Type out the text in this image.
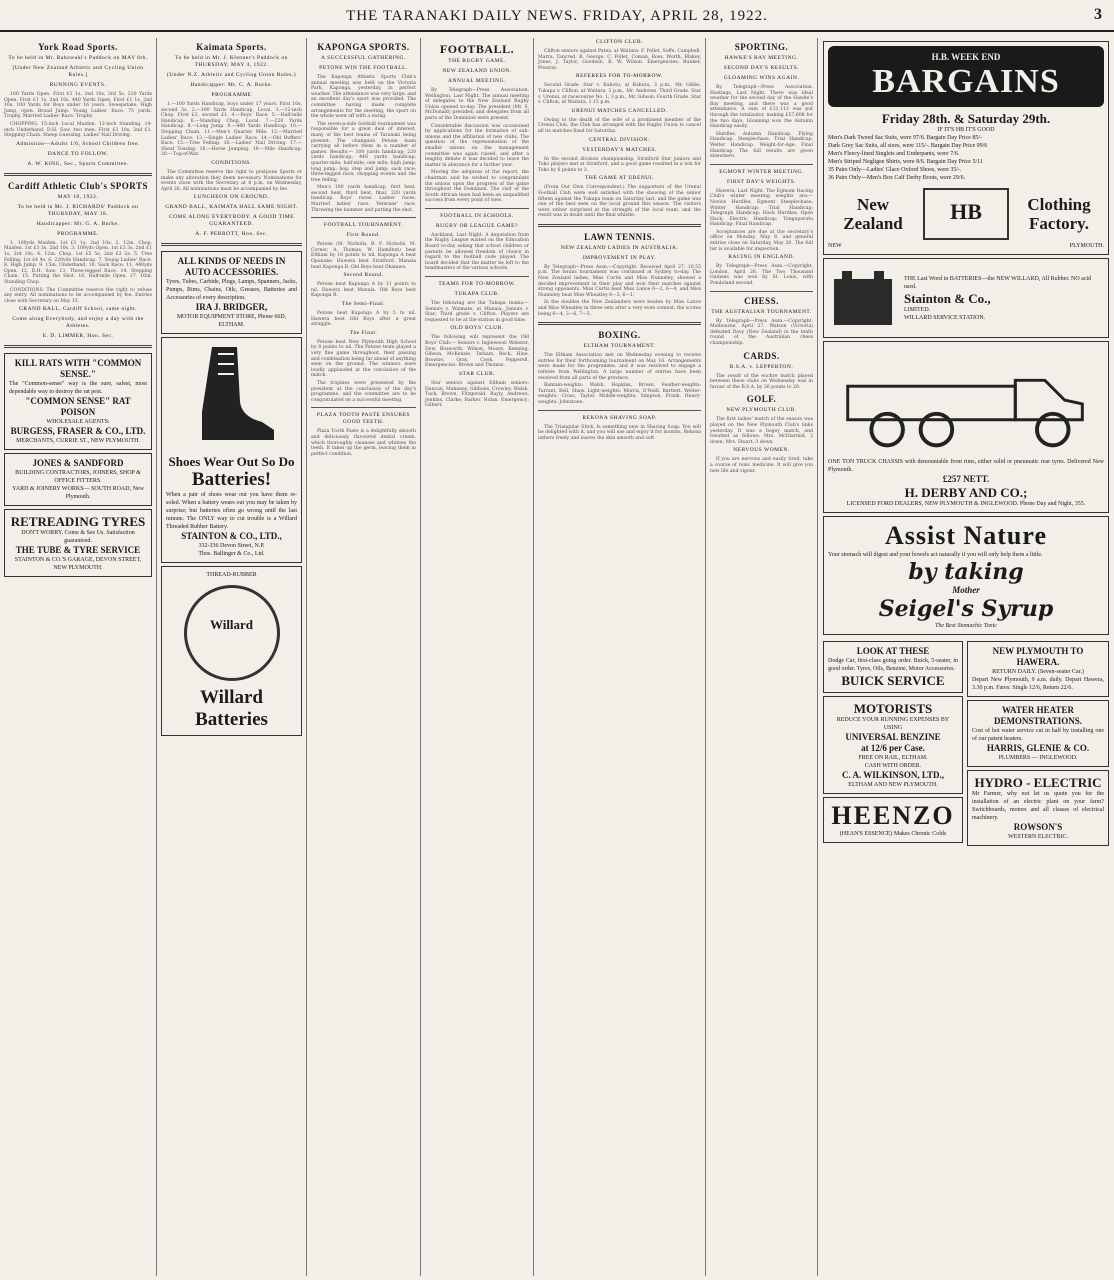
THE TARANAKI DAILY NEWS. FRIDAY, APRIL 28, 1922.	3
York Road Sports.
To be held in Mr. Rahowaki's Paddock on MAY 6th.
[Under New Zealand Athletic and Cycling Union Rules.]
RUNNING EVENTS.

100 Yards Open. First £1 1s, 2nd 10s, 3rd 5s. 220 Yards Open. First £1 1s, 2nd 10s. 440 Yards Open. First £1 1s, 2nd 10s. 100 Yards for Boys under 16 years. Sweepstake. High Jump, open. Broad Jump. Young Ladies' Race, 75 yards. Trophy. Married Ladies' Race. Trophy.

CHOPPING. 15-inch Local Maiden. 12-inch Standing. 14-inch Underhand. D.H. Saw, two men. First £3 10s, 2nd £1. Stepping Chain. Sheep Guessing. Ladies' Nail Driving.

Admission—Adults 1/6, School Children free.
DANCE TO FOLLOW.
A. W. KING, Sec., Sports Committee.
Cardiff Athletic Club's SPORTS
MAY 18, 1922.
To be held in Mr. J. RICHARDS' Paddock on THURSDAY, MAY 18.
Handicapper: Mr. G. A. Burke.
PROGRAMME.

1. 100yds Maiden. 1st £1 1s, 2nd 10s. 2. 12in. Chop, Maiden. 1st £3 3s, 2nd 10s. 3. 100yds Open. 1st £3 3s, 2nd £1 1s, 3rd 10s. 4. 12in. Chop. 1st £5 5s, 2nd £2 2s. 5. Tree Felling. 1st £4 4s. 6. 220yds Handicap. 7. Young Ladies' Race. 8. High Jump. 9. 15in. Underhand. 10. Sack Race. 11. 440yds Open. 12. D.H. Saw. 13. Three-legged Race. 14. Stepping Chain. 15. Putting the Shot. 16. Half-mile Open. 17. 16in. Standing Chop.

CONDITIONS. The Committee reserve the right to refuse any entry. All nominations to be accompanied by fee. Entries close with Secretary on May 15.

GRAND BALL, Cardiff School, same night.
Come along Everybody, and enjoy a day with the Athletes.
E. D. LIMMER, Hon. Sec.
KILL RATS WITH "COMMON SENSE."
The "Common-sense" way is the sure, safest, most dependable way to destroy the rat pest.
"COMMON SENSE" RAT POISON
WHOLESALE AGENTS:
BURGESS, FRASER & CO., LTD.
MERCHANTS, CURRIE ST., NEW PLYMOUTH.
JONES & SANDFORD
BUILDING CONTRACTORS, JOINERS, SHOP & OFFICE FITTERS.
YARD & JOINERY WORKS— SOUTH ROAD, New Plymouth.
RETREADING TYRES
DON'T WORRY. Come & See Us. Satisfaction guaranteed.
THE TUBE & TYRE SERVICE
STAINTON & CO.'S GARAGE, DEVON STREET, NEW PLYMOUTH.
Kaimata Sports.
To be held in Mr. J. Klenner's Paddock on THURSDAY, MAY 4, 1922.
(Under N.Z. Athletic and Cycling Union Rules.)
Handicapper: Mr. C. A. Burke.
PROGRAMME

1.—100 Yards Handicap, boys under 17 years. First 10s, second 5s. 2.—100 Yards Handicap, Local. 3.—12-inch Chop. First £3, second £1. 4.—Boys' Race. 5.—Half-mile Handicap. 6.—Standing Chop, Local. 7.—220 Yards Handicap. 8.—Long Jump. 9.—440 Yards Handicap. 10.—Stepping Chain. 11.—Men's Quarter Mile. 12.—Married Ladies' Race. 13.—Single Ladies' Race. 14.—Old Buffers' Race. 15.—Tree Felling. 16.—Ladies' Nail Driving. 17.—Sheaf Tossing. 18.—Horse Jumping. 19.—Mile Handicap. 20.—Tug-of-War.

CONDITIONS.

The Committee reserve the right to postpone Sports or make any alteration they deem necessary. Nominations for events close with the Secretary at 8 p.m. on Wednesday, April 26. All nominations must be accompanied by fee.

LUNCHEON ON GROUND.
GRAND BALL, KAIMATA HALL SAME NIGHT.
COME ALONG EVERYBODY. A GOOD TIME GUARANTEED.
A. F. PERROTT, Hon. Sec.
ALL KINDS OF NEEDS IN AUTO ACCESSORIES.
Tyres, Tubes, Carbide, Plugs, Lamps, Spanners, Jacks, Pumps, Rims, Chains, Oils, Greases, Batteries and Accessories of every description.
IRA J. BRIDGER,
MOTOR EQUIPMENT STORE, Phone 66D, ELTHAM.
Shoes Wear Out So Do
Batteries!
When a pair of shoes wear out you have them re-soled. When a battery wears out you may be taken by surprise; but batteries often go wrong until the last minute. The ONLY way to cut trouble is a Willard Threaded Rubber Battery.
STAINTON & CO., LTD.,
332-336 Devon Street, N.P.
Thos. Ballinger & Co., Ltd.
THREAD-RUBBER
Willard
Willard Batteries
KAPONGA SPORTS.
A SUCCESSFUL GATHERING.
PETONE WIN THE FOOTBALL.

The Kaponga Athletic Sports Club's annual meeting was held on the Victoria Park, Kaponga, yesterday, in perfect weather. The attendance was very large, and an excellent day's sport was provided. The committee having made complete arrangements for the meeting, the sport on the whole went off with a swing.

The seven-a-side football tournament was responsible for a great deal of interest, many of the best teams of Taranaki being present. The champion Petone team carrying all before them in a number of games. Results:— 100 yards handicap; 220 yards handicap; 440 yards handicap; quarter-mile; half-mile; one mile; high jump; long jump; hop, step and jump; sack race; three-legged race; chopping events and the tree felling.

Men's 100 yards handicap, first heat, second heat, third heat, final. 220 yards handicap. Boys' races. Ladies' races. Married ladies' race. Veterans' race. Throwing the hammer and putting the shot.

FOOTBALL TOURNAMENT.
First Round.

Petone (M. Nicholls, B. F. Nicholls, M. Corner, A. Thomas, W. Hamilton) beat Eltham by 16 points to nil. Kaponga A beat Opunake. Hawera beat Stratford. Manaia beat Kaponga B. Old Boys beat Okaiawa.

Second Round.

Petone beat Kaponga A by 11 points to nil. Hawera beat Manaia. Old Boys beat Kaponga B.

The Semi-Final.

Petone beat Kaponga A by 5 to nil. Hawera beat Old Boys after a great struggle.

The Final.

Petone beat New Plymouth High School by 8 points to nil. The Petone team played a very fine game throughout, their passing and combination being far ahead of anything seen on the ground. The winners were loudly applauded at the conclusion of the match.

The trophies were presented by the president at the conclusion of the day's programme, and the committee are to be congratulated on a successful meeting.

PLAZA TOOTH PASTE ENSURES GOOD TEETH.

Plaza Tooth Paste is a delightfully smooth and deliciously flavoured dental cream, which thoroughly cleanses and whitens the teeth. It takes up the germ, leaving them in perfect condition.

FOOTBALL.
THE RUGBY GAME.
NEW ZEALAND UNION.
ANNUAL MEETING.

By Telegraph—Press Association. Wellington, Last Night. The annual meeting of delegates to the New Zealand Rugby Union opened to-day. The president (Mr. S. McDonald) presided, and delegates from all parts of the Dominion were present.

Considerable discussion was occasioned by applications for the formation of sub-unions and the affiliation of new clubs. The question of the representation of the smaller unions on the management committee was again raised, and after a lengthy debate it was decided to leave the matter in abeyance for a further year.

Moving the adoption of the report, the chairman said he wished to congratulate the unions upon the progress of the game throughout the Dominion. The visit of the South African team had been an unqualified success from every point of view.

FOOTBALL IN SCHOOLS.
RUGBY OR LEAGUE GAME?

Auckland, Last Night. A deputation from the Rugby League waited on the Education Board to-day asking that school children or parents be allowed freedom of choice in regard to the football code played. The board decided that the matter be left to the headmasters of the various schools.

TEAMS FOR TO-MORROW.
TUKAPA CLUB.

The following are the Tukapa teams:— Seniors v. Waimate, at Manaia; Juniors v. Star; Third grade v. Clifton. Players are requested to be at the station in good time.

OLD BOYS' CLUB.

The following will represent the Old Boys' Club:— Seniors v. Inglewood: Webster, Dow, Bosworth, Wilson, Moore, Kenning, Gibson, McKenzie, Tatham, Beck, Hine, Browne, Gray, Cook, Pepperell. Emergencies: Brown and Thomas.

STAR CLUB.

Star seniors against Eltham seniors: Duncan, Mahoney, Gibbons, Crowley, Walsh, Tuck, Brown, Fitzgerald, Bayly, Andrews, Jenkins, Clarke, Barker, Nolan. Emergency: Gilbert.

CLIFTON CLUB.

Clifton seniors against Patea, at Waitara: F. Pollet, Soffe, Campbell, Marra, Tancred, R. George, C. Pollet, Coman, Ross, Worth, Blakey, Jones, J. Taylor, Goodwin, B. W. Wilson. Emergencies: Bunker, Preston.

REFEREES FOR TO-MORROW.

Second Grade. Star v. Rahotu, at Rahotu, 3 p.m., Mr. Gibbs. Tukapa v. Clifton, at Waitara, 3 p.m., Mr. Andrews. Third Grade. Star v. Urenui, at racecourse No. 1, 3 p.m., Mr. Gibson. Fourth Grade. Star v. Clifton, at Waitara, 1.15 p.m.

URENUI MATCHES CANCELLED.

Owing to the death of the wife of a prominent member of the Urenui Club, the Club has arranged with the Rugby Union to cancel all its matches fixed for Saturday.

CENTRAL DIVISION.
YESTERDAY'S MATCHES.

In the second division championship, Stratford Star juniors and Toko players met at Stratford, and a good game resulted in a win for Toko by 6 points to 3.

THE GAME AT URENUI.

(From Our Own Correspondent.) The supporters of the Urenui Football Club were well satisfied with the showing of the senior fifteen against the Tukapa team on Saturday last, and the game was one of the best seen on the local ground this season. The visitors were rather surprised at the strength of the local team, and the result was in doubt until the final whistle.

LAWN TENNIS.
NEW ZEALAND LADIES IN AUSTRALIA.
IMPROVEMENT IN PLAY.

By Telegraph—Press Assn.—Copyright. Received April 27, 10.55 p.m. The tennis tournament was continued at Sydney to-day. The New Zealand ladies, Miss Curtis and Miss Nunneley, showed a decided improvement in their play and won their matches against strong opponents. Miss Curtis beat Miss Lance 6—2, 6—4, and Miss Nunneley beat Miss Wheatley 6—3, 6—1.

In the doubles the New Zealanders were beaten by Miss Lance and Miss Wheatley in three sets after a very even contest, the scores being 6—4, 3—6, 7—5.

BOXING.
ELTHAM TOURNAMENT.

The Eltham Association met on Wednesday evening to receive entries for their forthcoming tournament on May 16. Arrangements were made for the programme, and it was resolved to engage a referee from Wellington. A large number of entries have been received from all parts of the province.

Bantam-weights: Walsh, Hopkins, Brown. Feather-weights: Tarrant, Bell, Shaw. Light-weights: Morris, O'Neill, Bartlett. Welter-weights: Cross, Taylor. Middle-weights: Simpson, Frank. Heavy-weights: Johnstone.

REKONA SHAVING SOAP.

The Triangular Stick. Is something new in Shaving Soap. You will be delighted with it, and you will use and enjoy it for months. Rekona lathers freely and leaves the skin smooth and soft.

SPORTING.
HAWKE'S BAY MEETING.
SECOND DAY'S RESULTS.
GLOAMING WINS AGAIN.

By Telegraph—Press Association. Hastings, Last Night. There was ideal weather for the second day of the Hawke's Bay meeting, and there was a good attendance. A sum of £31,113 was put through the totalisator, making £57,608 for the two days. Gloaming won the Autumn Handicap easily.

Hurdles. Autumn Handicap. Flying Handicap. Steeplechase. Trial Handicap. Welter Handicap. Weight-for-Age. Final Handicap. The full results are given elsewhere.

EGMONT WINTER MEETING.
FIRST DAY'S WEIGHTS.

Hawera, Last Night. The Egmont Racing Club's winter meeting weights are:— Novice Hurdles; Egmont Steeplechase; Winter Handicap; Trial Handicap; Telegraph Handicap; Hack Hurdles; Open Hack; Electric Handicap; Tongaporutu Handicap; Final Handicap.

Acceptances are due at the secretary's office on Monday, May 8, and general entries close on Saturday, May 20. The full list is available for inspection.

RACING IN ENGLAND.

By Telegraph—Press Assn.—Copyright. London, April 26. The Two Thousand Guineas was won by St. Louis, with Pondoland second.

CHESS.
THE AUSTRALIAN TOURNAMENT.

By Telegraph—Press Assn.—Copyright. Melbourne, April 27. Watson (Victoria) defeated Davy (New Zealand) in the tenth round of the Australian chess championship.

CARDS.
B.S.A. v. LEPPERTON.

The result of the euchre match played between these clubs on Wednesday was in favour of the B.S.A. by 26 points to 20.

GOLF.
NEW PLYMOUTH CLUB.

The first ladies' match of the season was played on the New Plymouth Club's links yesterday. It was a bogey match, and resulted as follows: Mrs. McDiarmid, 2 down; Mrs. Stuart, 3 down.

NERVOUS WOMEN.

If you are nervous and easily tired, take a course of tonic medicine. It will give you new life and vigour.

H.B. WEEK END
BARGAINS
Friday 28th. & Saturday 29th.
IF IT'S HB IT'S GOOD
Men's Dark Tweed Sac Suits, were 97/6. Bargain Day Price 85/-
Dark Grey Sac Suits, all sizes, were 115/-. Bargain Day Price 99/6
Men's Fleecy-lined Singlets and Underpants, were 7/6.
Men's Striped Negligee Shirts, were 8/6. Bargain Day Price 5/11
35 Pairs Only—Ladies' Glace Oxford Shoes, were 35/-.
36 Pairs Only—Men's Box Calf Derby Boots, were 29/6.
New Zealand	HB	Clothing Factory.
NEW	PLYMOUTH.
THE Last Word in BATTERIES—the NEW WILLARD, All Rubber. NO acid used.
Stainton & Co.,
LIMITED.
WILLARD SERVICE STATION.
ONE TON TRUCK CHASSIS with demountable front rims, either solid or pneumatic rear tyres. Delivered New Plymouth.
£257 NETT.
H. DERBY AND CO.;
LICENSED FORD DEALERS, NEW PLYMOUTH & INGLEWOOD. Phone Day and Night, 355.
Assist Nature
Your stomach will digest and your bowels act naturally if you will only help them a little.
by taking
Mother
Seigel's Syrup
The Best Stomachic Tonic
LOOK AT THESE
Dodge Car, first-class going order. Buick, 5-seater, in good order. Tyres, Oils, Benzine, Motor Accessories.
BUICK SERVICE
MOTORISTS
REDUCE YOUR RUNNING EXPENSES BY USING
UNIVERSAL BENZINE
at 12/6 per Case.
FREE ON RAIL, ELTHAM.
CASH WITH ORDER.
C. A. WILKINSON, LTD.,
ELTHAM AND NEW PLYMOUTH.
HEENZO
(HEAN'S ESSENCE) Makes Chronic Colds
NEW PLYMOUTH TO HAWERA.
RETURN DAILY. (Seven-seater Car.)
Depart New Plymouth, 9 a.m. daily. Depart Hawera, 3.30 p.m. Fares: Single 12/6, Return 22/6.
WATER HEATER DEMONSTRATIONS.
Cost of hot water service cut in half by installing one of our patent heaters.
HARRIS, GLENIE & CO.
PLUMBERS — INGLEWOOD.
HYDRO - ELECTRIC
Mr Farmer, why not let us quote you for the installation of an electric plant on your farm? Switchboards, motors and all classes of electrical machinery.
ROWSON'S
WESTERN ELECTRIC.
